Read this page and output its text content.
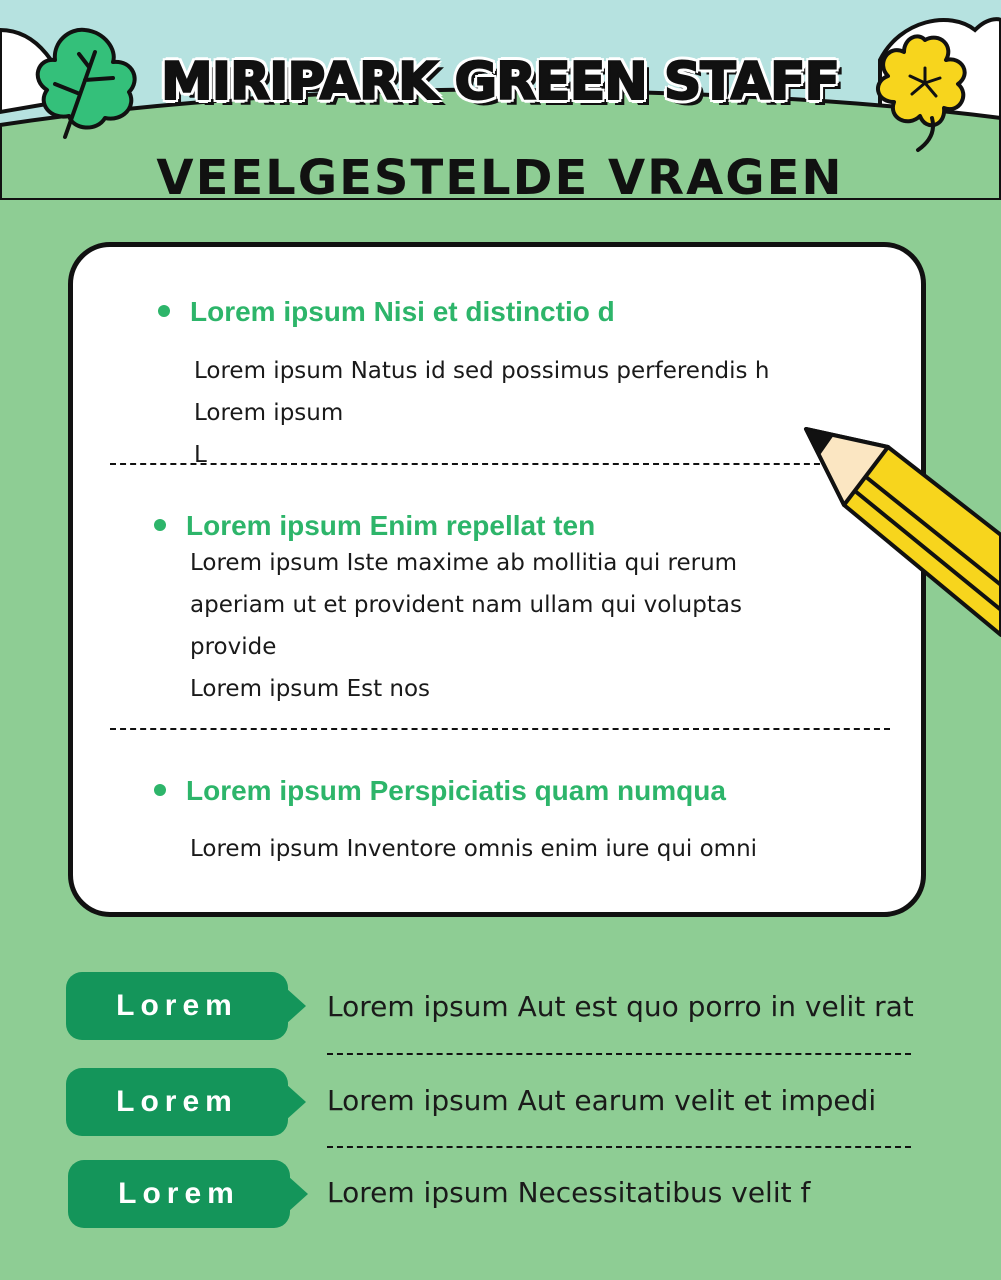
MIRIPARK GREEN STAFF
VEELGESTELDE VRAGEN
Lorem ipsum Nisi et distinctio d
Lorem ipsum Natus id sed possimus perferendis h
Lorem ipsum
L
Lorem ipsum Enim repellat ten
Lorem ipsum Iste maxime ab mollitia qui rerum
aperiam ut et provident nam ullam qui voluptas
provide
Lorem ipsum Est nos
Lorem ipsum Perspiciatis quam numqua
Lorem ipsum Inventore omnis enim iure qui omni
Lorem	Lorem ipsum Aut est quo porro in velit rat
Lorem	Lorem ipsum Aut earum velit et impedi
Lorem	Lorem ipsum Necessitatibus velit f
